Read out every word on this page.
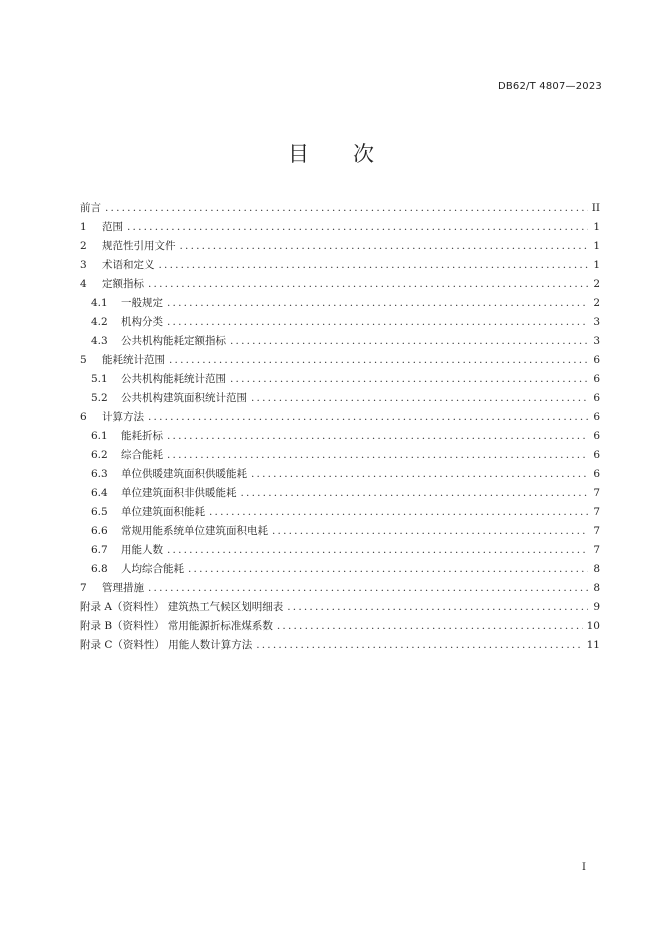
DB62/T 4807—2023
目次
前言 .....	II
1	范围 .....	1
2	规范性引用文件 .....	1
3	术语和定义 .....	1
4	定额指标 .....	2
4.1	一般规定 .....	2
4.2	机构分类 .....	3
4.3	公共机构能耗定额指标 .....	3
5	能耗统计范围 .....	6
5.1	公共机构能耗统计范围 .....	6
5.2	公共机构建筑面积统计范围 .....	6
6	计算方法 .....	6
6.1	能耗折标 .....	6
6.2	综合能耗 .....	6
6.3	单位供暖建筑面积供暖能耗 .....	6
6.4	单位建筑面积非供暖能耗 .....	7
6.5	单位建筑面积能耗 .....	7
6.6	常规用能系统单位建筑面积电耗 .....	7
6.7	用能人数 .....	7
6.8	人均综合能耗 .....	8
7	管理措施 .....	8
附录 A（资料性） 建筑热工气候区划明细表 .....	9
附录 B（资料性） 常用能源折标准煤系数 .....	10
附录 C（资料性） 用能人数计算方法 .....	11
I
